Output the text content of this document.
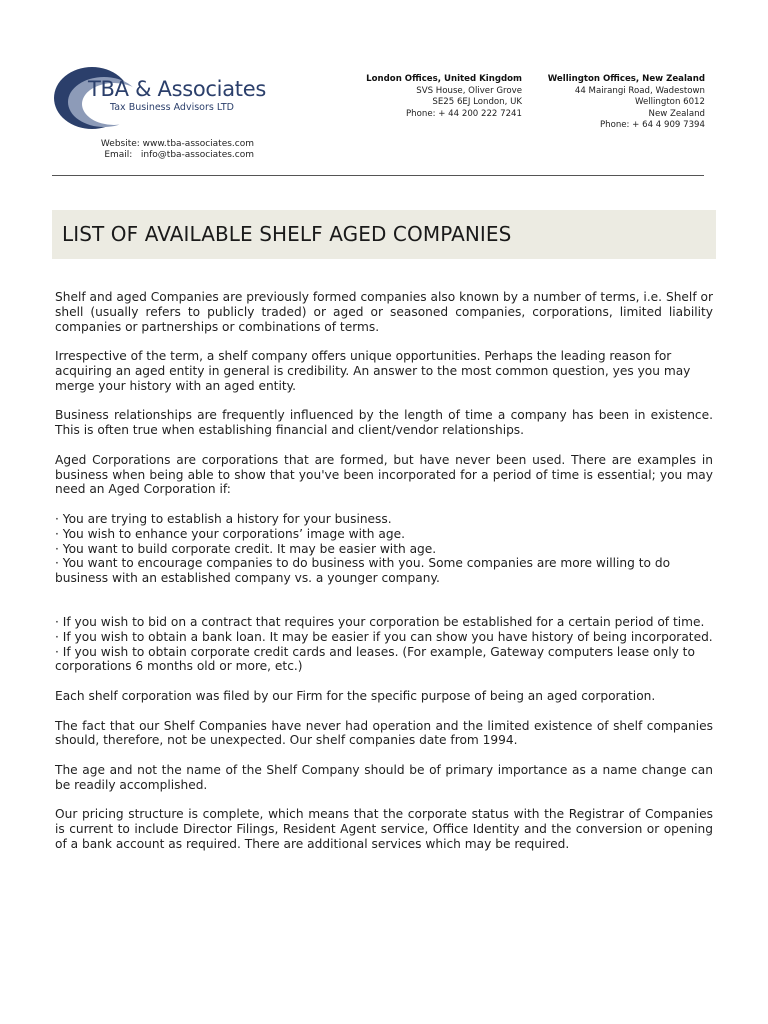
TBA & Associates
Tax Business Advisors LTD
Website: www.tba-associates.com
Email:   info@tba-associates.com
London Offices, United Kingdom
SVS House, Oliver Grove
SE25 6EJ London, UK
Phone: + 44 200 222 7241
Wellington Offices, New Zealand
44 Mairangi Road, Wadestown
Wellington 6012
New Zealand
Phone: + 64 4 909 7394
LIST OF AVAILABLE SHELF AGED COMPANIES

Shelf and aged Companies are previously formed companies also known by a number of terms, i.e. Shelf or shell (usually refers to publicly traded) or aged or seasoned companies, corporations, limited liability companies or partnerships or combinations of terms.

Irrespective of the term, a shelf company offers unique opportunities. Perhaps the leading reason for acquiring an aged entity in general is credibility. An answer to the most common question, yes you may merge your history with an aged entity.

Business relationships are frequently influenced by the length of time a company has been in existence. This is often true when establishing financial and client/vendor relationships.

Aged Corporations are corporations that are formed, but have never been used. There are examples in business when being able to show that you've been incorporated for a period of time is essential; you may need an Aged Corporation if:

· You are trying to establish a history for your business.
· You wish to enhance your corporations’ image with age.
· You want to build corporate credit. It may be easier with age.
· You want to encourage companies to do business with you. Some companies are more willing to do business with an established company vs. a younger company.
· If you wish to bid on a contract that requires your corporation be established for a certain period of time.
· If you wish to obtain a bank loan. It may be easier if you can show you have history of being incorporated.
· If you wish to obtain corporate credit cards and leases. (For example, Gateway computers lease only to corporations 6 months old or more, etc.)

Each shelf corporation was filed by our Firm for the specific purpose of being an aged corporation.

The fact that our Shelf Companies have never had operation and the limited existence of shelf companies should, therefore, not be unexpected. Our shelf companies date from 1994.

The age and not the name of the Shelf Company should be of primary importance as a name change can be readily accomplished.

Our pricing structure is complete, which means that the corporate status with the Registrar of Companies is current to include Director Filings, Resident Agent service, Office Identity and the conversion or opening of a bank account as required. There are additional services which may be required.
